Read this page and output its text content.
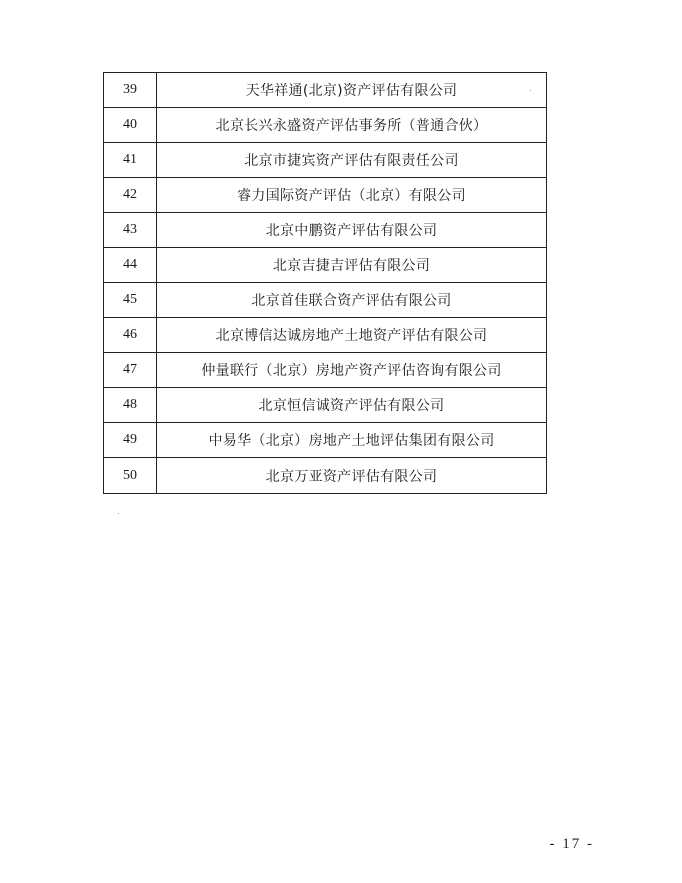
39	天华祥通(北京)资产评估有限公司
40	北京长兴永盛资产评估事务所（普通合伙）
41	北京市捷宾资产评估有限责任公司
42	睿力国际资产评估（北京）有限公司
43	北京中鹏资产评估有限公司
44	北京吉捷吉评估有限公司
45	北京首佳联合资产评估有限公司
46	北京博信达诚房地产土地资产评估有限公司
47	仲量联行（北京）房地产资产评估咨询有限公司
48	北京恒信诚资产评估有限公司
49	中易华（北京）房地产土地评估集团有限公司
50	北京万亚资产评估有限公司
- 17 -
